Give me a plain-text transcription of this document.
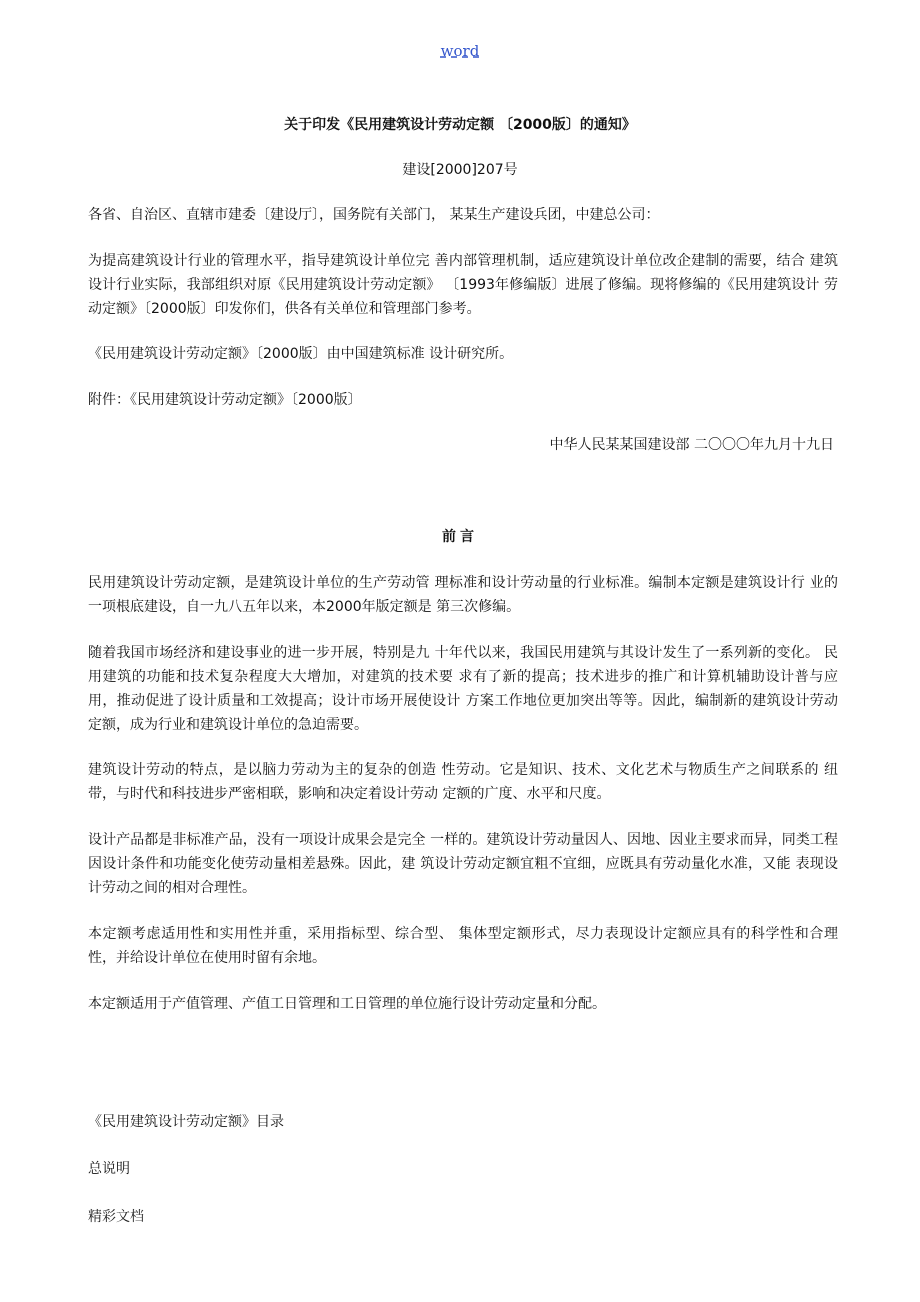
word
关于印发《民用建筑设计劳动定额 〔2000版〕的通知》
建设[2000]207号
各省、自治区、直辖市建委〔建设厅〕，国务院有关部门， 某某生产建设兵团，中建总公司：
为提高建筑设计行业的管理水平，指导建筑设计单位完 善内部管理机制，适应建筑设计单位改企建制的需要，结合 建筑设计行业实际，我部组织对原《民用建筑设计劳动定额》 〔1993年修编版〕进展了修编。现将修编的《民用建筑设计 劳动定额》〔2000版〕印发你们，供各有关单位和管理部门参考。
《民用建筑设计劳动定额》〔2000版〕由中国建筑标准 设计研究所。
附件：《民用建筑设计劳动定额》〔2000版〕
中华人民某某国建设部 二〇〇〇年九月十九日
前言
民用建筑设计劳动定额，是建筑设计单位的生产劳动管 理标准和设计劳动量的行业标准。编制本定额是建筑设计行 业的一项根底建设，自一九八五年以来，本2000年版定额是 第三次修编。
随着我国市场经济和建设事业的进一步开展，特别是九 十年代以来，我国民用建筑与其设计发生了一系列新的变化。 民用建筑的功能和技术复杂程度大大增加，对建筑的技术要 求有了新的提高；技术进步的推广和计算机辅助设计普与应 用，推动促进了设计质量和工效提高；设计市场开展使设计 方案工作地位更加突出等等。因此，编制新的建筑设计劳动 定额，成为行业和建筑设计单位的急迫需要。
建筑设计劳动的特点，是以脑力劳动为主的复杂的创造 性劳动。它是知识、技术、文化艺术与物质生产之间联系的 纽带，与时代和科技进步严密相联，影响和决定着设计劳动 定额的广度、水平和尺度。
设计产品都是非标准产品，没有一项设计成果会是完全 一样的。建筑设计劳动量因人、因地、因业主要求而异，同类工程因设计条件和功能变化使劳动量相差悬殊。因此，建 筑设计劳动定额宜粗不宜细，应既具有劳动量化水准，又能 表现设计劳动之间的相对合理性。
本定额考虑适用性和实用性并重，采用指标型、综合型、 集体型定额形式，尽力表现设计定额应具有的科学性和合理 性，并给设计单位在使用时留有余地。
本定额适用于产值管理、产值工日管理和工日管理的单位施行设计劳动定量和分配。
《民用建筑设计劳动定额》目录
总说明
精彩文档
